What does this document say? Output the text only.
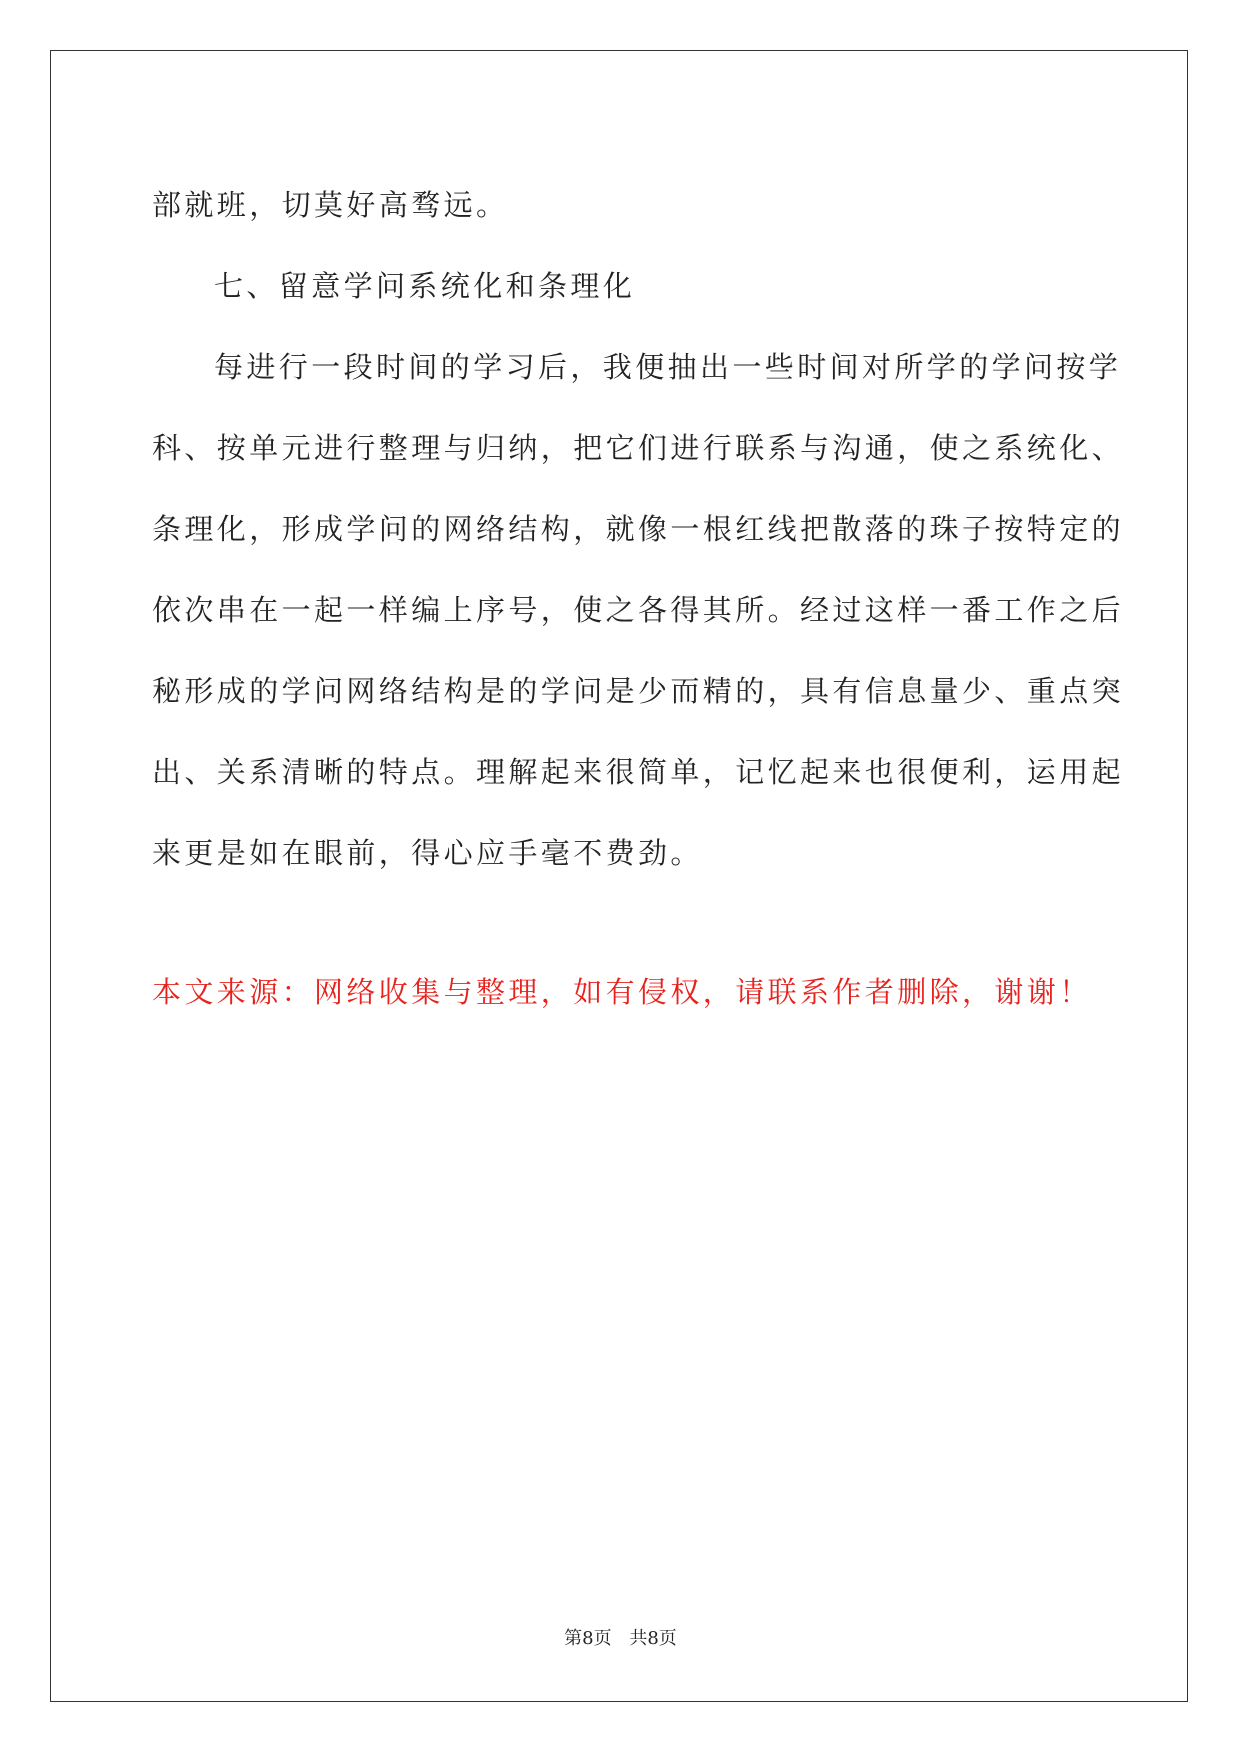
部就班，切莫好高骛远。
七、留意学问系统化和条理化
每进行一段时间的学习后，我便抽出一些时间对所学的学问按学
科、按单元进行整理与归纳，把它们进行联系与沟通，使之系统化、
条理化，形成学问的网络结构，就像一根红线把散落的珠子按特定的
依次串在一起一样编上序号，使之各得其所。经过这样一番工作之后
秘形成的学问网络结构是的学问是少而精的，具有信息量少、重点突
出、关系清晰的特点。理解起来很简单，记忆起来也很便利，运用起
来更是如在眼前，得心应手毫不费劲。
本文来源：网络收集与整理，如有侵权，请联系作者删除，谢谢！
第8页 共8页
